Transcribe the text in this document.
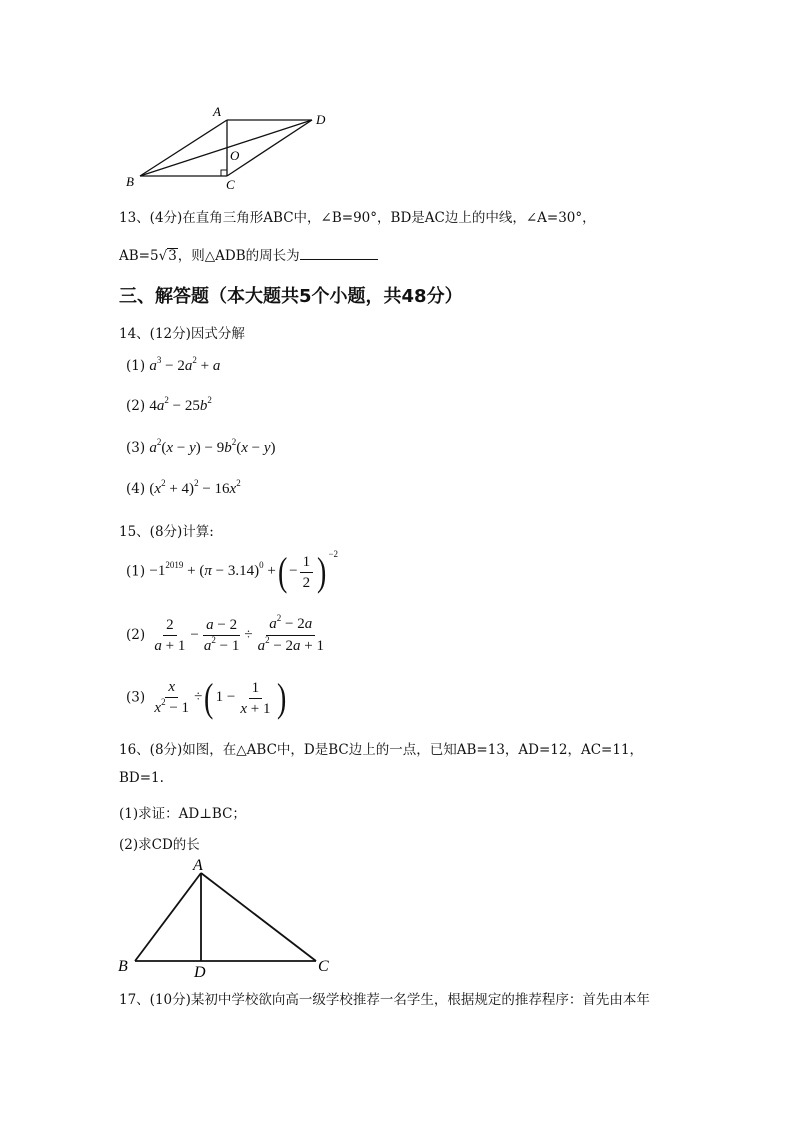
A
D
O
B	C
13、(4分)在直角三角形ABC中，∠B=90°，BD是AC边上的中线，∠A=30°，
AB=5√3，则△ADB的周长为
三、解答题（本大题共5个小题，共48分）
14、(12分)因式分解
(1) $a^3 - 2a^2 + a$
(2) $4a^2 - 25b^2$
(3) $a^2(x - y) - 9b^2(x - y)$
(4) $(x^2 + 4)^2 - 16x^2$
15、(8分)计算:
$(1) -1^{2019} + (\pi - 3.14)^0$ +( − $\frac{1}{2}$ ) $^{-2}$
$(2) \frac{2}{a + 1} - \frac{a - 2}{a^2 - 1} \div \frac{a^2 - 2a}{a^2 - 2a + 1}$
$(3) \frac{x}{x^2 - 1}$ ÷( $1 - \frac{1}{x + 1}$ )
16、(8分)如图，在△ABC中，D是BC边上的一点，已知AB=13，AD=12，AC=11，
BD=1.
(1)求证：AD⊥BC；
(2)求CD的长
A
B	D	C
17、(10分)某初中学校欲向高一级学校推荐一名学生，根据规定的推荐程序：首先由本年
